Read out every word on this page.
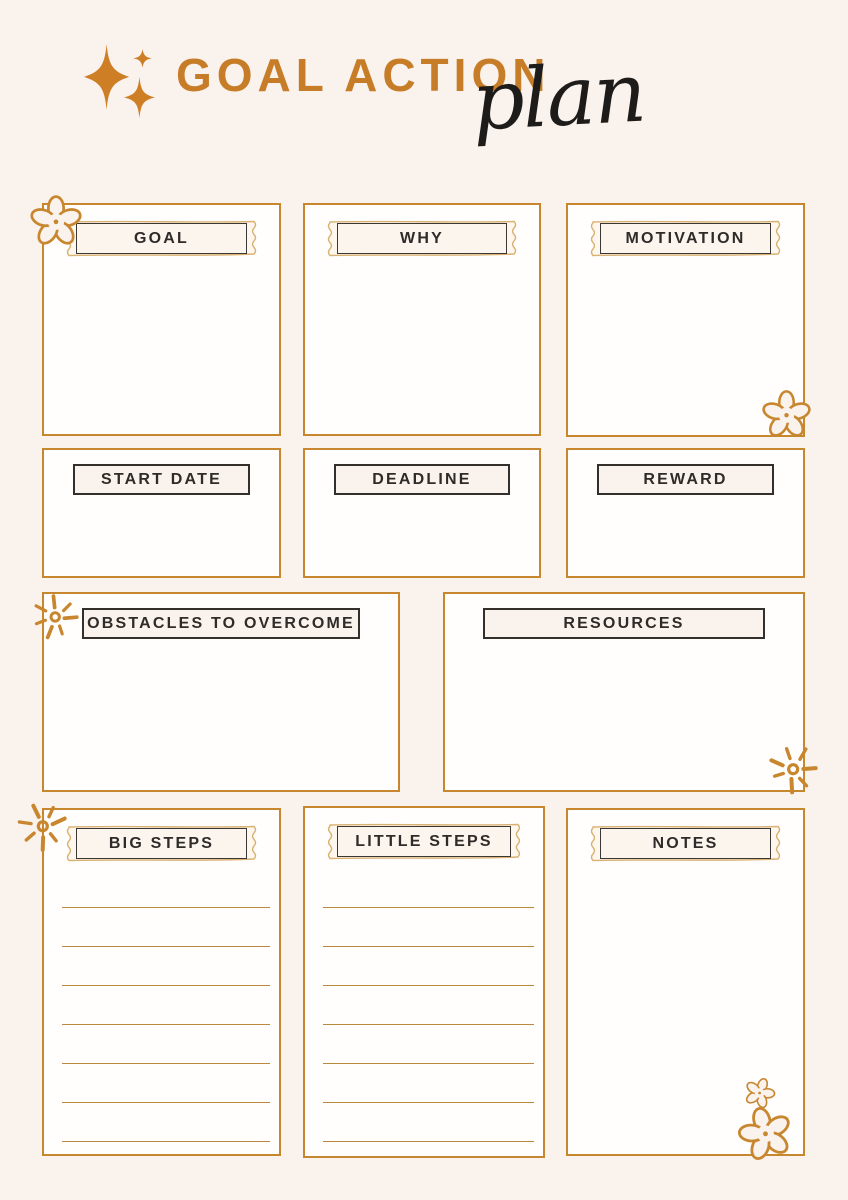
GOAL ACTION
plan
GOAL	WHY	MOTIVATION
START DATE	DEADLINE	REWARD
OBSTACLES TO OVERCOME	RESOURCES
BIG STEPS	LITTLE STEPS	NOTES
